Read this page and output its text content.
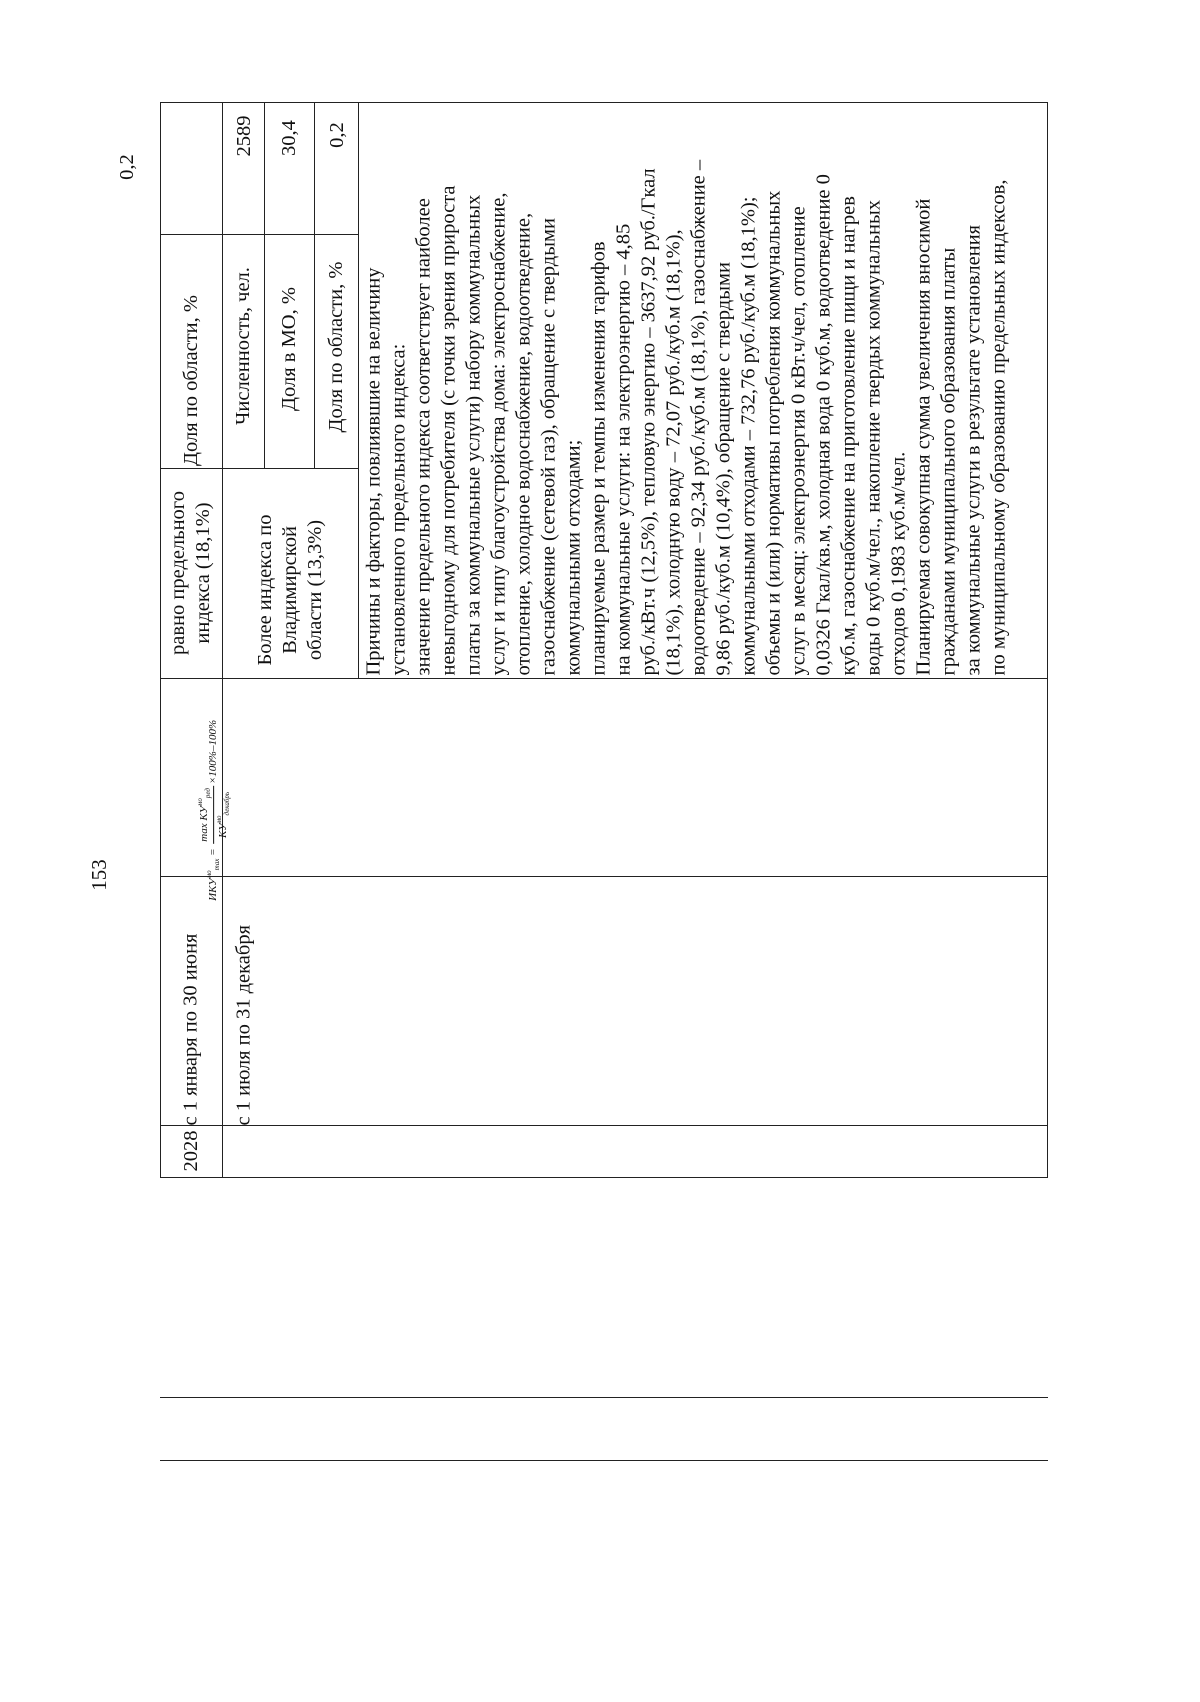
153
2028
с 1 января по 30 июня	с 1 июля по 31 декабря
$ИКУ^{мо}_{max}$
=
$\max КУ^{мо}_{ред}$
$КУ^{мо}_{декабрь}$
×100%–100%
равно предельного индекса (18,1%)
Доля по области, %
0,2
Более индекса по Владимирской области (13,3%)
Численность, чел.
2589
Доля в МО, %
30,4
Доля по области, %
0,2
Причины и факторы, повлиявшие на величину
установленного предельного индекса:
значение предельного индекса соответствует наиболее
невыгодному для потребителя (с точки зрения прироста
платы за коммунальные услуги) набору коммунальных
услуг и типу благоустройства дома: электроснабжение,
отопление, холодное водоснабжение, водоотведение,
газоснабжение (сетевой газ), обращение с твердыми
коммунальными отходами;
планируемые размер и темпы изменения тарифов
на коммунальные услуги: на электроэнергию – 4,85
руб./кВт.ч (12,5%), тепловую энергию – 3637,92 руб./Гкал
(18,1%), холодную воду – 72,07 руб./куб.м (18,1%),
водоотведение – 92,34 руб./куб.м (18,1%), газоснабжение –
9,86 руб./куб.м (10,4%), обращение с твердыми
коммунальными отходами – 732,76 руб./куб.м (18,1%);
объемы и (или) нормативы потребления коммунальных
услуг в месяц: электроэнергия 0 кВт.ч/чел, отопление
0,0326 Гкал/кв.м, холодная вода 0 куб.м, водоотведение 0
куб.м, газоснабжение на приготовление пищи и нагрев
воды 0 куб.м/чел., накопление твердых коммунальных
отходов 0,1983 куб.м/чел.
Планируемая совокупная сумма увеличения вносимой
гражданами муниципального образования платы
за коммунальные услуги в результате установления
по муниципальному образованию предельных индексов,
